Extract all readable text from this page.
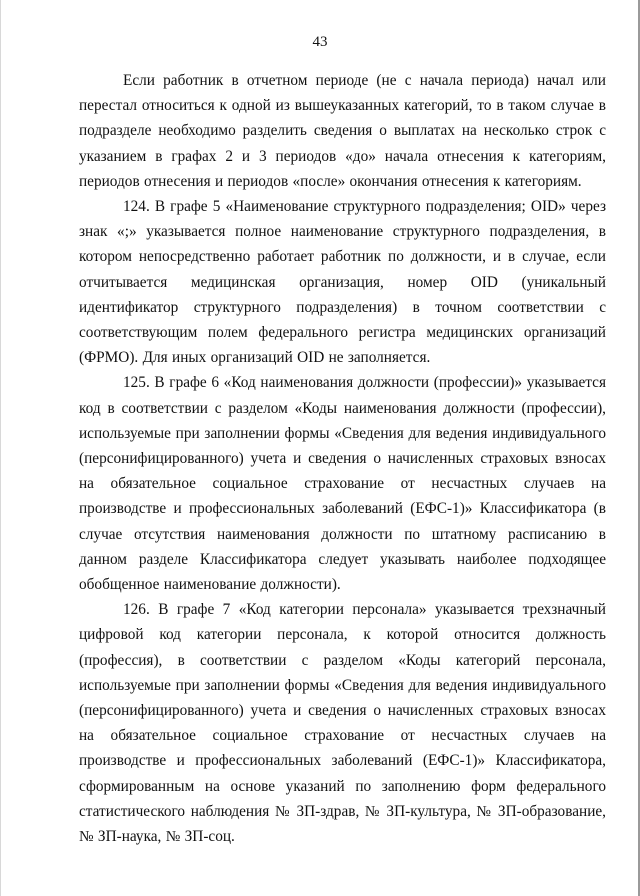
43

Если работник в отчетном периоде (не с начала периода) начал или перестал относиться к одной из вышеуказанных категорий, то в таком случае в подразделе необходимо разделить сведения о выплатах на несколько строк с указанием в графах 2 и 3 периодов «до» начала отнесения к категориям, периодов отнесения и периодов «после» окончания отнесения к категориям.

124. В графе 5 «Наименование структурного подразделения; OID» через знак «;» указывается полное наименование структурного подразделения, в котором непосредственно работает работник по должности, и в случае, если отчитывается медицинская организация, номер OID (уникальный идентификатор структурного подразделения) в точном соответствии с соответствующим полем федерального регистра медицинских организаций (ФРМО). Для иных организаций OID не заполняется.

125. В графе 6 «Код наименования должности (профессии)» указывается код в соответствии с разделом «Коды наименования должности (профессии), используемые при заполнении формы «Сведения для ведения индивидуального (персонифицированного) учета и сведения о начисленных страховых взносах на обязательное социальное страхование от несчастных случаев на производстве и профессиональных заболеваний (ЕФС-1)» Классификатора (в случае отсутствия наименования должности по штатному расписанию в данном разделе Классификатора следует указывать наиболее подходящее обобщенное наименование должности).

126. В графе 7 «Код категории персонала» указывается трехзначный цифровой код категории персонала, к которой относится должность (профессия), в соответствии с разделом «Коды категорий персонала, используемые при заполнении формы «Сведения для ведения индивидуального (персонифицированного) учета и сведения о начисленных страховых взносах на обязательное социальное страхование от несчастных случаев на производстве и профессиональных заболеваний (ЕФС-1)» Классификатора, сформированным на основе указаний по заполнению форм федерального статистического наблюдения № ЗП-здрав, № ЗП-культура, № ЗП-образование, № ЗП-наука, № ЗП-соц.
